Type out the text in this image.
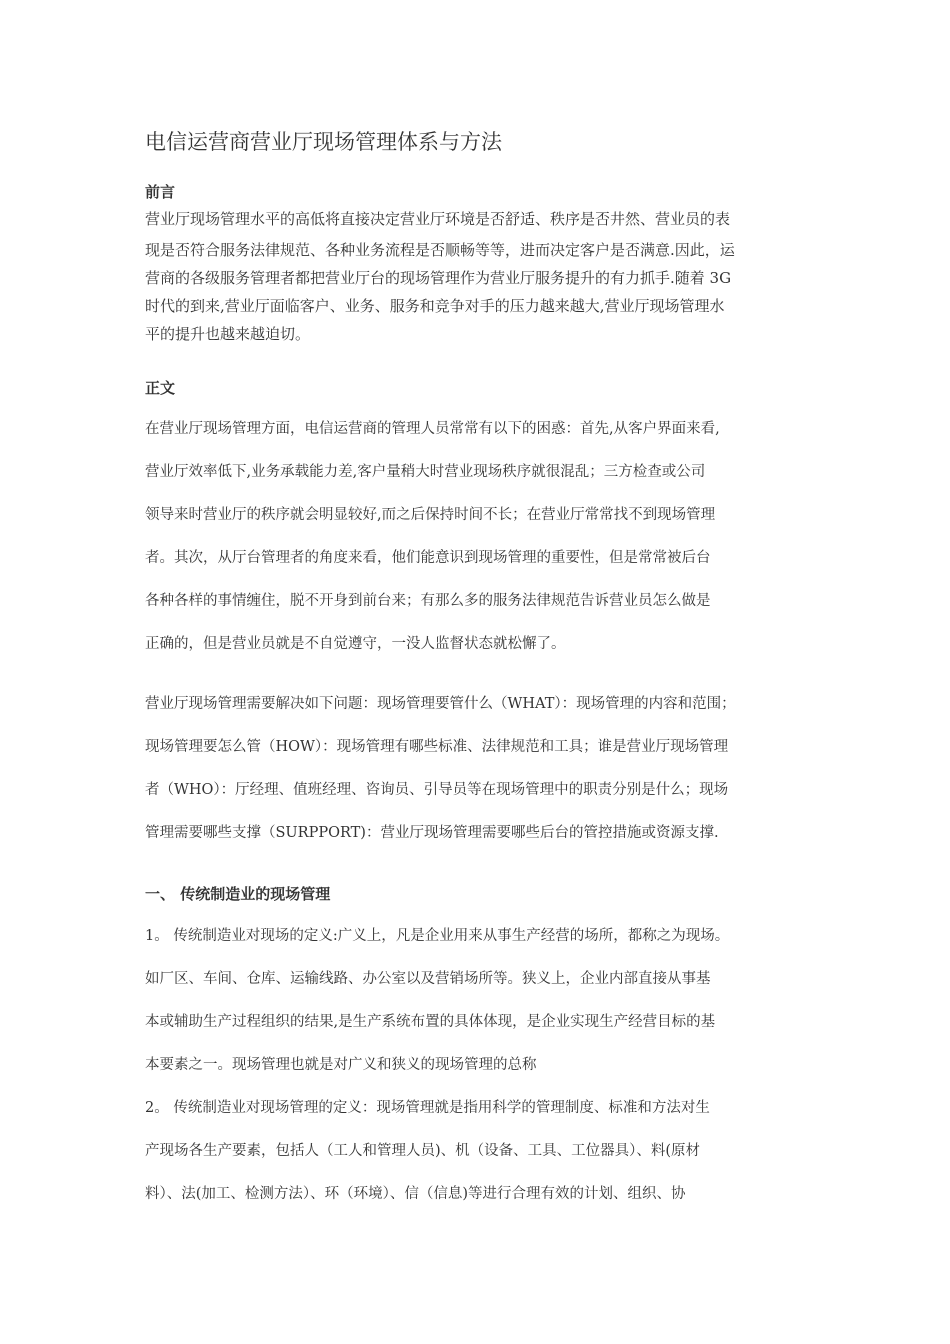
电信运营商营业厅现场管理体系与方法
前言
营业厅现场管理水平的高低将直接决定营业厅环境是否舒适、秩序是否井然、营业员的表
现是否符合服务法律规范、各种业务流程是否顺畅等等，进而决定客户是否满意.因此，运
营商的各级服务管理者都把营业厅台的现场管理作为营业厅服务提升的有力抓手.随着 3G
时代的到来,营业厅面临客户、业务、服务和竞争对手的压力越来越大,营业厅现场管理水
平的提升也越来越迫切。
正文
在营业厅现场管理方面，电信运营商的管理人员常常有以下的困惑：首先,从客户界面来看,
营业厅效率低下,业务承载能力差,客户量稍大时营业现场秩序就很混乱；三方检查或公司
领导来时营业厅的秩序就会明显较好,而之后保持时间不长；在营业厅常常找不到现场管理
者。其次，从厅台管理者的角度来看，他们能意识到现场管理的重要性，但是常常被后台
各种各样的事情缠住，脱不开身到前台来；有那么多的服务法律规范告诉营业员怎么做是
正确的，但是营业员就是不自觉遵守，一没人监督状态就松懈了。
营业厅现场管理需要解决如下问题：现场管理要管什么（WHAT）：现场管理的内容和范围；
现场管理要怎么管（HOW）：现场管理有哪些标准、法律规范和工具；谁是营业厅现场管理
者（WHO）：厅经理、值班经理、咨询员、引导员等在现场管理中的职责分别是什么；现场
管理需要哪些支撑（SURPPORT)：营业厅现场管理需要哪些后台的管控措施或资源支撑.
一、 传统制造业的现场管理
1。 传统制造业对现场的定义:广义上，凡是企业用来从事生产经营的场所，都称之为现场。
如厂区、车间、仓库、运输线路、办公室以及营销场所等。狭义上，企业内部直接从事基
本或辅助生产过程组织的结果,是生产系统布置的具体体现，是企业实现生产经营目标的基
本要素之一。现场管理也就是对广义和狭义的现场管理的总称
2。 传统制造业对现场管理的定义：现场管理就是指用科学的管理制度、标准和方法对生
产现场各生产要素，包括人（工人和管理人员)、机（设备、工具、工位器具）、料(原材
料）、法(加工、检测方法）、环（环境）、信（信息)等进行合理有效的计划、组织、协
